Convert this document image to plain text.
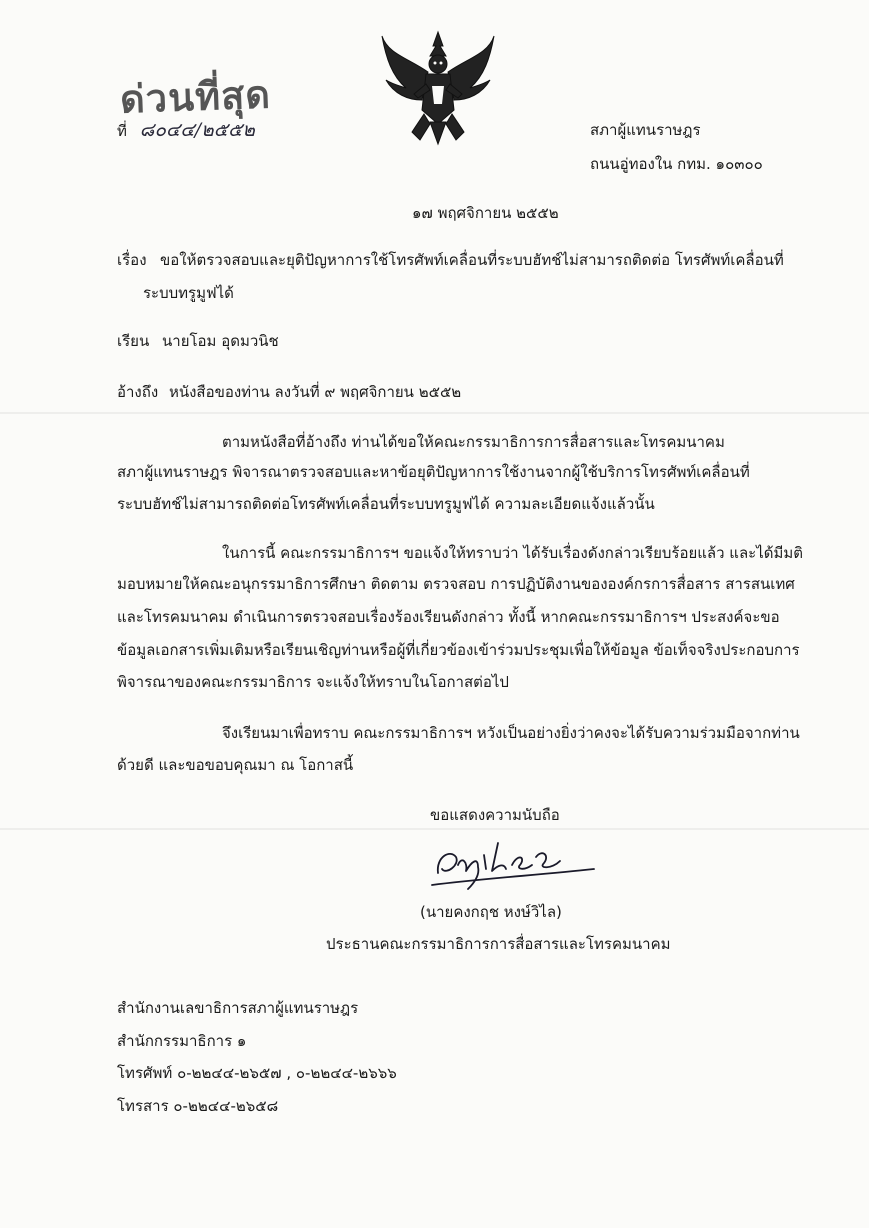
ด่วนที่สุด
ที่ ๘๐๔๔/๒๕๕๒	สภาผู้แทนราษฎร
ถนนอู่ทองใน กทม. ๑๐๓๐๐
๑๗ พฤศจิกายน ๒๕๕๒
เรื่อง ขอให้ตรวจสอบและยุติปัญหาการใช้โทรศัพท์เคลื่อนที่ระบบฮัทช์ไม่สามารถติดต่อ โทรศัพท์เคลื่อนที่
ระบบทรูมูฟได้
เรียน นายโอม อุดมวนิช
อ้างถึง หนังสือของท่าน ลงวันที่ ๙ พฤศจิกายน ๒๕๕๒
ตามหนังสือที่อ้างถึง ท่านได้ขอให้คณะกรรมาธิการการสื่อสารและโทรคมนาคม
สภาผู้แทนราษฎร พิจารณาตรวจสอบและหาข้อยุติปัญหาการใช้งานจากผู้ใช้บริการโทรศัพท์เคลื่อนที่
ระบบฮัทช์ไม่สามารถติดต่อโทรศัพท์เคลื่อนที่ระบบทรูมูฟได้ ความละเอียดแจ้งแล้วนั้น
ในการนี้ คณะกรรมาธิการฯ ขอแจ้งให้ทราบว่า ได้รับเรื่องดังกล่าวเรียบร้อยแล้ว และได้มีมติ
มอบหมายให้คณะอนุกรรมาธิการศึกษา ติดตาม ตรวจสอบ การปฏิบัติงานขององค์กรการสื่อสาร สารสนเทศ
และโทรคมนาคม ดำเนินการตรวจสอบเรื่องร้องเรียนดังกล่าว ทั้งนี้ หากคณะกรรมาธิการฯ ประสงค์จะขอ
ข้อมูลเอกสารเพิ่มเติมหรือเรียนเชิญท่านหรือผู้ที่เกี่ยวข้องเข้าร่วมประชุมเพื่อให้ข้อมูล ข้อเท็จจริงประกอบการ
พิจารณาของคณะกรรมาธิการ จะแจ้งให้ทราบในโอกาสต่อไป
จึงเรียนมาเพื่อทราบ คณะกรรมาธิการฯ หวังเป็นอย่างยิ่งว่าคงจะได้รับความร่วมมือจากท่าน
ด้วยดี และขอขอบคุณมา ณ โอกาสนี้
ขอแสดงความนับถือ
(นายคงกฤช หงษ์วิไล)
ประธานคณะกรรมาธิการการสื่อสารและโทรคมนาคม
สำนักงานเลขาธิการสภาผู้แทนราษฎร
สำนักกรรมาธิการ ๑
โทรศัพท์ ๐-๒๒๔๔-๒๖๕๗ , ๐-๒๒๔๔-๒๖๖๖
โทรสาร ๐-๒๒๔๔-๒๖๕๘
